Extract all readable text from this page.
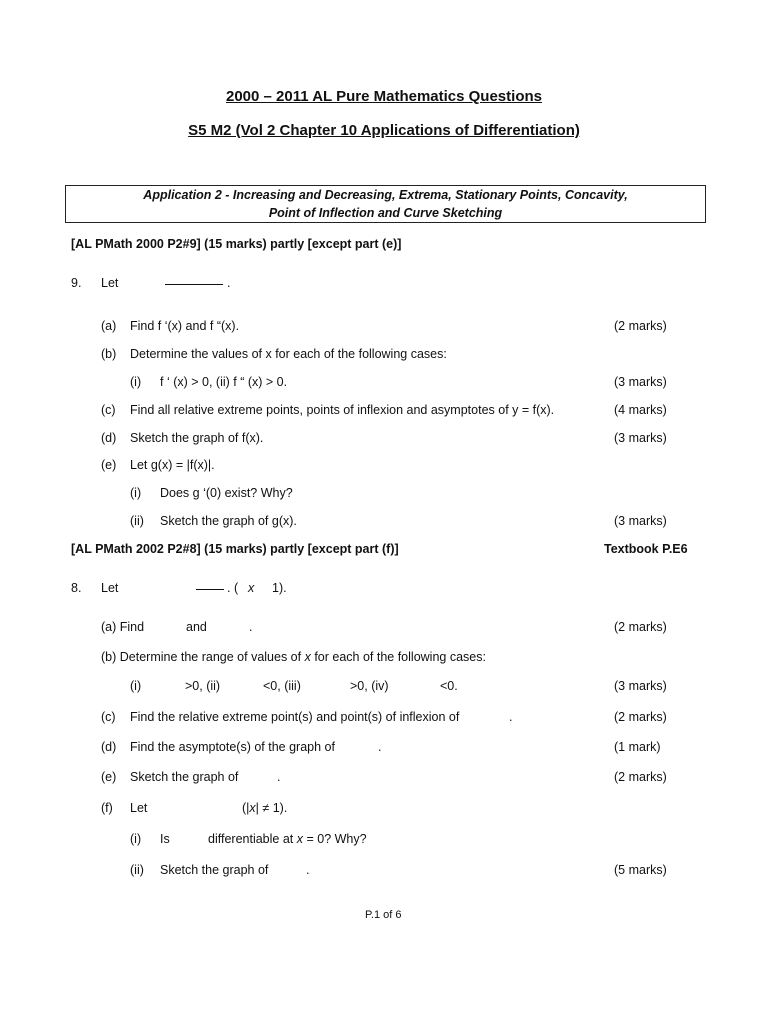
2000 – 2011 AL Pure Mathematics Questions
S5 M2 (Vol 2 Chapter 10 Applications of Differentiation)
Application 2 - Increasing and Decreasing, Extrema, Stationary Points, Concavity,
Point of Inflection and Curve Sketching
[AL PMath 2000 P2#9] (15 marks) partly [except part (e)]
9. Let	.
(a) Find f ‘(x) and f “(x).	(2 marks)
(b) Determine the values of x for each of the following cases:
(i) f ‘ (x) > 0, (ii) f “ (x) > 0.	(3 marks)
(c) Find all relative extreme points, points of inflexion and asymptotes of y = f(x).	(4 marks)
(d) Sketch the graph of f(x).	(3 marks)
(e) Let g(x) = |f(x)|.
(i) Does g ‘(0) exist? Why?
(ii) Sketch the graph of g(x).	(3 marks)
[AL PMath 2002 P2#8] (15 marks) partly [except part (f)]	Textbook P.E6
8. Let	. ( x 1).
(a) Find	and	.	(2 marks)
(b) Determine the range of values of x for each of the following cases:
(i)	>0, (ii)	<0, (iii)	>0, (iv)	<0.	(3 marks)
(c) Find the relative extreme point(s) and point(s) of inflexion of	.	(2 marks)
(d) Find the asymptote(s) of the graph of	.	(1 mark)
(e) Sketch the graph of	.	(2 marks)
(f) Let	(|x| ≠ 1).
(i) Is	differentiable at x = 0? Why?
(ii) Sketch the graph of	.	(5 marks)
P.1 of 6
